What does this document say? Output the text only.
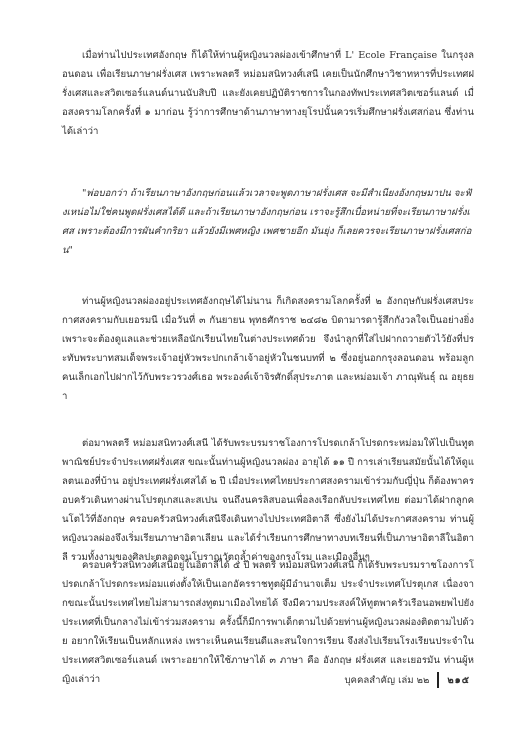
เมื่อท่านไปประเทศอังกฤษ ก็ได้ให้ท่านผู้หญิงนวลผ่องเข้าศึกษาที่ L' Ecole Française ในกรุงลอนดอน เพื่อเรียนภาษาฝรั่งเศส เพราะพลตรี หม่อมสนิทวงศ์เสนี เคยเป็นนักศึกษาวิชาทหารที่ประเทศฝรั่งเศสและสวิตเซอร์แลนด์นานนับสิบปี และยังเคยปฏิบัติราชการในกองทัพประเทศสวิตเซอร์แลนด์ เมื่อสงครามโลกครั้งที่ ๑ มาก่อน รู้ว่าการศึกษาด้านภาษาทางยุโรปนั้นควรเริ่มศึกษาฝรั่งเศสก่อน ซึ่งท่านได้เล่าว่า

"พ่อบอกว่า ถ้าเรียนภาษาอังกฤษก่อนแล้วเวลาจะพูดภาษาฝรั่งเศส จะมีสำเนียงอังกฤษมาปน จะฟังเหน่อไม่ใช่คนพูดฝรั่งเศสได้ดี และถ้าเรียนภาษาอังกฤษก่อน เราจะรู้สึกเบื่อหน่ายที่จะเรียนภาษาฝรั่งเศส เพราะต้องมีการผันคำกริยา แล้วยังมีเพศหญิง เพศชายอีก มันยุ่ง ก็เลยควรจะเรียนภาษาฝรั่งเศสก่อน"

ท่านผู้หญิงนวลผ่องอยู่ประเทศอังกฤษได้ไม่นาน ก็เกิดสงครามโลกครั้งที่ ๒ อังกฤษกับฝรั่งเศสประกาศสงครามกับเยอรมนี เมื่อวันที่ ๓ กันยายน พุทธศักราช ๒๔๘๒ บิดามารดารู้สึกกังวลใจเป็นอย่างยิ่ง เพราะจะต้องดูแลและช่วยเหลือนักเรียนไทยในต่างประเทศด้วย จึงนำลูกที่ใส่ไปฝากถวายตัวไว้ยังที่ประทับพระบาทสมเด็จพระเจ้าอยู่หัวพระปกเกล้าเจ้าอยู่หัวในชนบทที่ ๒ ซึ่งอยู่นอกกรุงลอนดอน พร้อมลูกคนเล็กเอกไปฝากไว้กับพระวรวงศ์เธอ พระองค์เจ้าจิรศักดิ์สุประภาต และหม่อมเจ้า ภาณุพันธุ์ ณ อยุธยา

ต่อมาพลตรี หม่อมสนิทวงศ์เสนี ได้รับพระบรมราชโองการโปรดเกล้าโปรดกระหม่อมให้ไปเป็นทูตพาณิชย์ประจำประเทศฝรั่งเศส ขณะนั้นท่านผู้หญิงนวลผ่อง อายุได้ ๑๑ ปี การเล่าเรียนสมัยนั้นได้ให้ดูแลตนเองที่บ้าน อยู่ประเทศฝรั่งเศสได้ ๒ ปี เมื่อประเทศไทยประกาศสงครามเข้าร่วมกับญี่ปุ่น ก็ต้องพาครอบครัวเดินทางผ่านโปรตุเกสและสเปน จนถึงนครลิสบอนเพื่อลงเรือกลับประเทศไทย ต่อมาได้ฝากลูกคนโตไว้ที่อังกฤษ ครอบครัวสนิทวงศ์เสนีจึงเดินทางไปประเทศอิตาลี ซึ่งยังไม่ได้ประกาศสงคราม ท่านผู้หญิงนวลผ่องจึงเริ่มเรียนภาษาอิตาเลียน และได้ร่ำเรียนการศึกษาทางบทเรียนที่เป็นภาษาอิตาลีในอิตาลี รวมทั้งงามของศิลปะตลอดจนโบราณวัตถุล้ำค่าของกรุงโรม และเมืองอื่นๆ

ครอบครัวสนิทวงศ์เสนีอยู่ในอิตาลีได้ ๕ ปี พลตรี หม่อมสนิทวงศ์เสนี ก็ได้รับพระบรมราชโองการโปรดเกล้าโปรดกระหม่อมแต่งตั้งให้เป็นเอกอัครราชทูตผู้มีอำนาจเต็ม ประจำประเทศโปรตุเกส เนื่องจากขณะนั้นประเทศไทยไม่สามารถส่งทูตมาเมืองไทยได้ จึงมีความประสงค์ให้ทูตพาครัวเรือนอพยพไปยังประเทศที่เป็นกลางไม่เข้าร่วมสงคราม ครั้งนี้ก็มีการพาเด็กตามไปด้วยท่านผู้หญิงนวลผ่องติดตามไปด้วย อยากให้เรียนเป็นหลักแหล่ง เพราะเห็นคนเรียนดีและสนใจการเรียน จึงส่งไปเรียนโรงเรียนประจำในประเทศสวิตเซอร์แลนด์ เพราะอยากให้ใช้ภาษาได้ ๓ ภาษา คือ อังกฤษ ฝรั่งเศส และเยอรมัน ท่านผู้หญิงเล่าว่า	บุคคลสำคัญ เล่ม ๒๒ ๒๑๕
